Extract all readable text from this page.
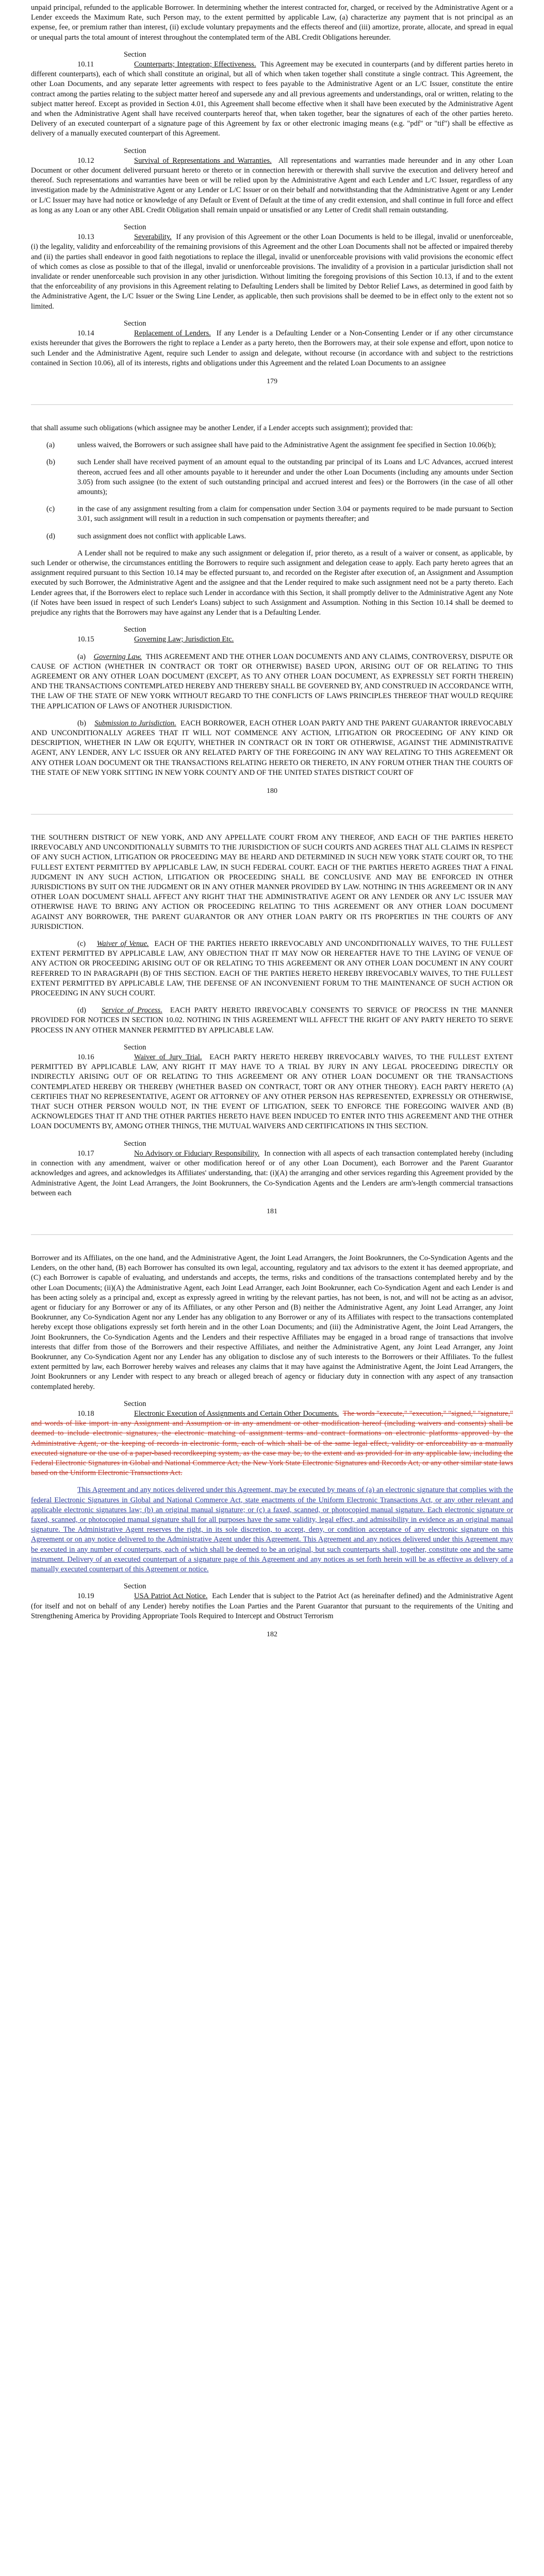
unpaid principal, refunded to the applicable Borrower. In determining whether the interest contracted for, charged, or received by the Administrative Agent or a Lender exceeds the Maximum Rate, such Person may, to the extent permitted by applicable Law, (a) characterize any payment that is not principal as an expense, fee, or premium rather than interest, (ii) exclude voluntary prepayments and the effects thereof and (iii) amortize, prorate, allocate, and spread in equal or unequal parts the total amount of interest throughout the contemplated term of the ABL Credit Obligations hereunder.

Section 10.11	Counterparts; Integration; Effectiveness. This Agreement may be executed in counterparts (and by different parties hereto in different counterparts), each of which shall constitute an original, but all of which when taken together shall constitute a single contract. This Agreement, the other Loan Documents, and any separate letter agreements with respect to fees payable to the Administrative Agent or an L/C Issuer, constitute the entire contract among the parties relating to the subject matter hereof and supersede any and all previous agreements and understandings, oral or written, relating to the subject matter hereof. Except as provided in Section 4.01, this Agreement shall become effective when it shall have been executed by the Administrative Agent and when the Administrative Agent shall have received counterparts hereof that, when taken together, bear the signatures of each of the other parties hereto. Delivery of an executed counterpart of a signature page of this Agreement by fax or other electronic imaging means (e.g. "pdf" or "tif") shall be effective as delivery of a manually executed counterpart of this Agreement.

Section 10.12	Survival of Representations and Warranties. All representations and warranties made hereunder and in any other Loan Document or other document delivered pursuant hereto or thereto or in connection herewith or therewith shall survive the execution and delivery hereof and thereof. Such representations and warranties have been or will be relied upon by the Administrative Agent and each Lender and L/C Issuer, regardless of any investigation made by the Administrative Agent or any Lender or L/C Issuer or on their behalf and notwithstanding that the Administrative Agent or any Lender or L/C Issuer may have had notice or knowledge of any Default or Event of Default at the time of any credit extension, and shall continue in full force and effect as long as any Loan or any other ABL Credit Obligation shall remain unpaid or unsatisfied or any Letter of Credit shall remain outstanding.

Section 10.13	Severability. If any provision of this Agreement or the other Loan Documents is held to be illegal, invalid or unenforceable, (i) the legality, validity and enforceability of the remaining provisions of this Agreement and the other Loan Documents shall not be affected or impaired thereby and (ii) the parties shall endeavor in good faith negotiations to replace the illegal, invalid or unenforceable provisions with valid provisions the economic effect of which comes as close as possible to that of the illegal, invalid or unenforceable provisions. The invalidity of a provision in a particular jurisdiction shall not invalidate or render unenforceable such provision in any other jurisdiction. Without limiting the foregoing provisions of this Section 10.13, if and to the extent that the enforceability of any provisions in this Agreement relating to Defaulting Lenders shall be limited by Debtor Relief Laws, as determined in good faith by the Administrative Agent, the L/C Issuer or the Swing Line Lender, as applicable, then such provisions shall be deemed to be in effect only to the extent not so limited.

Section 10.14	Replacement of Lenders. If any Lender is a Defaulting Lender or a Non-Consenting Lender or if any other circumstance exists hereunder that gives the Borrowers the right to replace a Lender as a party hereto, then the Borrowers may, at their sole expense and effort, upon notice to such Lender and the Administrative Agent, require such Lender to assign and delegate, without recourse (in accordance with and subject to the restrictions contained in Section 10.06), all of its interests, rights and obligations under this Agreement and the related Loan Documents to an assignee

179

that shall assume such obligations (which assignee may be another Lender, if a Lender accepts such assignment); provided that:

(a)	unless waived, the Borrowers or such assignee shall have paid to the Administrative Agent the assignment fee specified in Section 10.06(b);
(b)	such Lender shall have received payment of an amount equal to the outstanding par principal of its Loans and L/C Advances, accrued interest thereon, accrued fees and all other amounts payable to it hereunder and under the other Loan Documents (including any amounts under Section 3.05) from such assignee (to the extent of such outstanding principal and accrued interest and fees) or the Borrowers (in the case of all other amounts);
(c)	in the case of any assignment resulting from a claim for compensation under Section 3.04 or payments required to be made pursuant to Section 3.01, such assignment will result in a reduction in such compensation or payments thereafter; and
(d)	such assignment does not conflict with applicable Laws.

A Lender shall not be required to make any such assignment or delegation if, prior thereto, as a result of a waiver or consent, as applicable, by such Lender or otherwise, the circumstances entitling the Borrowers to require such assignment and delegation cease to apply. Each party hereto agrees that an assignment required pursuant to this Section 10.14 may be effected pursuant to, and recorded on the Register after execution of, an Assignment and Assumption executed by such Borrower, the Administrative Agent and the assignee and that the Lender required to make such assignment need not be a party thereto. Each Lender agrees that, if the Borrowers elect to replace such Lender in accordance with this Section, it shall promptly deliver to the Administrative Agent any Note (if Notes have been issued in respect of such Lender's Loans) subject to such Assignment and Assumption. Nothing in this Section 10.14 shall be deemed to prejudice any rights that the Borrowers may have against any Lender that is a Defaulting Lender.

Section 10.15	Governing Law; Jurisdiction Etc.

(a) Governing Law. THIS AGREEMENT AND THE OTHER LOAN DOCUMENTS AND ANY CLAIMS, CONTROVERSY, DISPUTE OR CAUSE OF ACTION (WHETHER IN CONTRACT OR TORT OR OTHERWISE) BASED UPON, ARISING OUT OF OR RELATING TO THIS AGREEMENT OR ANY OTHER LOAN DOCUMENT (EXCEPT, AS TO ANY OTHER LOAN DOCUMENT, AS EXPRESSLY SET FORTH THEREIN) AND THE TRANSACTIONS CONTEMPLATED HEREBY AND THEREBY SHALL BE GOVERNED BY, AND CONSTRUED IN ACCORDANCE WITH, THE LAW OF THE STATE OF NEW YORK WITHOUT REGARD TO THE CONFLICTS OF LAWS PRINCIPLES THEREOF THAT WOULD REQUIRE THE APPLICATION OF LAWS OF ANOTHER JURISDICTION.

(b) Submission to Jurisdiction. EACH BORROWER, EACH OTHER LOAN PARTY AND THE PARENT GUARANTOR IRREVOCABLY AND UNCONDITIONALLY AGREES THAT IT WILL NOT COMMENCE ANY ACTION, LITIGATION OR PROCEEDING OF ANY KIND OR DESCRIPTION, WHETHER IN LAW OR EQUITY, WHETHER IN CONTRACT OR IN TORT OR OTHERWISE, AGAINST THE ADMINISTRATIVE AGENT, ANY LENDER, ANY L/C ISSUER OR ANY RELATED PARTY OF THE FOREGOING IN ANY WAY RELATING TO THIS AGREEMENT OR ANY OTHER LOAN DOCUMENT OR THE TRANSACTIONS RELATING HERETO OR THERETO, IN ANY FORUM OTHER THAN THE COURTS OF THE STATE OF NEW YORK SITTING IN NEW YORK COUNTY AND OF THE UNITED STATES DISTRICT COURT OF

180

THE SOUTHERN DISTRICT OF NEW YORK, AND ANY APPELLATE COURT FROM ANY THEREOF, AND EACH OF THE PARTIES HERETO IRREVOCABLY AND UNCONDITIONALLY SUBMITS TO THE JURISDICTION OF SUCH COURTS AND AGREES THAT ALL CLAIMS IN RESPECT OF ANY SUCH ACTION, LITIGATION OR PROCEEDING MAY BE HEARD AND DETERMINED IN SUCH NEW YORK STATE COURT OR, TO THE FULLEST EXTENT PERMITTED BY APPLICABLE LAW, IN SUCH FEDERAL COURT. EACH OF THE PARTIES HERETO AGREES THAT A FINAL JUDGMENT IN ANY SUCH ACTION, LITIGATION OR PROCEEDING SHALL BE CONCLUSIVE AND MAY BE ENFORCED IN OTHER JURISDICTIONS BY SUIT ON THE JUDGMENT OR IN ANY OTHER MANNER PROVIDED BY LAW. NOTHING IN THIS AGREEMENT OR IN ANY OTHER LOAN DOCUMENT SHALL AFFECT ANY RIGHT THAT THE ADMINISTRATIVE AGENT OR ANY LENDER OR ANY L/C ISSUER MAY OTHERWISE HAVE TO BRING ANY ACTION OR PROCEEDING RELATING TO THIS AGREEMENT OR ANY OTHER LOAN DOCUMENT AGAINST ANY BORROWER, THE PARENT GUARANTOR OR ANY OTHER LOAN PARTY OR ITS PROPERTIES IN THE COURTS OF ANY JURISDICTION.

(c) Waiver of Venue. EACH OF THE PARTIES HERETO IRREVOCABLY AND UNCONDITIONALLY WAIVES, TO THE FULLEST EXTENT PERMITTED BY APPLICABLE LAW, ANY OBJECTION THAT IT MAY NOW OR HEREAFTER HAVE TO THE LAYING OF VENUE OF ANY ACTION OR PROCEEDING ARISING OUT OF OR RELATING TO THIS AGREEMENT OR ANY OTHER LOAN DOCUMENT IN ANY COURT REFERRED TO IN PARAGRAPH (B) OF THIS SECTION. EACH OF THE PARTIES HERETO HEREBY IRREVOCABLY WAIVES, TO THE FULLEST EXTENT PERMITTED BY APPLICABLE LAW, THE DEFENSE OF AN INCONVENIENT FORUM TO THE MAINTENANCE OF SUCH ACTION OR PROCEEDING IN ANY SUCH COURT.

(d) Service of Process. EACH PARTY HERETO IRREVOCABLY CONSENTS TO SERVICE OF PROCESS IN THE MANNER PROVIDED FOR NOTICES IN SECTION 10.02. NOTHING IN THIS AGREEMENT WILL AFFECT THE RIGHT OF ANY PARTY HERETO TO SERVE PROCESS IN ANY OTHER MANNER PERMITTED BY APPLICABLE LAW.

Section 10.16	Waiver of Jury Trial. EACH PARTY HERETO HEREBY IRREVOCABLY WAIVES, TO THE FULLEST EXTENT PERMITTED BY APPLICABLE LAW, ANY RIGHT IT MAY HAVE TO A TRIAL BY JURY IN ANY LEGAL PROCEEDING DIRECTLY OR INDIRECTLY ARISING OUT OF OR RELATING TO THIS AGREEMENT OR ANY OTHER LOAN DOCUMENT OR THE TRANSACTIONS CONTEMPLATED HEREBY OR THEREBY (WHETHER BASED ON CONTRACT, TORT OR ANY OTHER THEORY). EACH PARTY HERETO (A) CERTIFIES THAT NO REPRESENTATIVE, AGENT OR ATTORNEY OF ANY OTHER PERSON HAS REPRESENTED, EXPRESSLY OR OTHERWISE, THAT SUCH OTHER PERSON WOULD NOT, IN THE EVENT OF LITIGATION, SEEK TO ENFORCE THE FOREGOING WAIVER AND (B) ACKNOWLEDGES THAT IT AND THE OTHER PARTIES HERETO HAVE BEEN INDUCED TO ENTER INTO THIS AGREEMENT AND THE OTHER LOAN DOCUMENTS BY, AMONG OTHER THINGS, THE MUTUAL WAIVERS AND CERTIFICATIONS IN THIS SECTION.

Section 10.17	No Advisory or Fiduciary Responsibility. In connection with all aspects of each transaction contemplated hereby (including in connection with any amendment, waiver or other modification hereof or of any other Loan Document), each Borrower and the Parent Guarantor acknowledges and agrees, and acknowledges its Affiliates' understanding, that: (i)(A) the arranging and other services regarding this Agreement provided by the Administrative Agent, the Joint Lead Arrangers, the Joint Bookrunners, the Co-Syndication Agents and the Lenders are arm's-length commercial transactions between each

181

Borrower and its Affiliates, on the one hand, and the Administrative Agent, the Joint Lead Arrangers, the Joint Bookrunners, the Co-Syndication Agents and the Lenders, on the other hand, (B) each Borrower has consulted its own legal, accounting, regulatory and tax advisors to the extent it has deemed appropriate, and (C) each Borrower is capable of evaluating, and understands and accepts, the terms, risks and conditions of the transactions contemplated hereby and by the other Loan Documents; (ii)(A) the Administrative Agent, each Joint Lead Arranger, each Joint Bookrunner, each Co-Syndication Agent and each Lender is and has been acting solely as a principal and, except as expressly agreed in writing by the relevant parties, has not been, is not, and will not be acting as an advisor, agent or fiduciary for any Borrower or any of its Affiliates, or any other Person and (B) neither the Administrative Agent, any Joint Lead Arranger, any Joint Bookrunner, any Co-Syndication Agent nor any Lender has any obligation to any Borrower or any of its Affiliates with respect to the transactions contemplated hereby except those obligations expressly set forth herein and in the other Loan Documents; and (iii) the Administrative Agent, the Joint Lead Arrangers, the Joint Bookrunners, the Co-Syndication Agents and the Lenders and their respective Affiliates may be engaged in a broad range of transactions that involve interests that differ from those of the Borrowers and their respective Affiliates, and neither the Administrative Agent, any Joint Lead Arranger, any Joint Bookrunner, any Co-Syndication Agent nor any Lender has any obligation to disclose any of such interests to the Borrowers or their Affiliates. To the fullest extent permitted by law, each Borrower hereby waives and releases any claims that it may have against the Administrative Agent, the Joint Lead Arrangers, the Joint Bookrunners or any Lender with respect to any breach or alleged breach of agency or fiduciary duty in connection with any aspect of any transaction contemplated hereby.

Section 10.18	Electronic Execution of Assignments and Certain Other Documents. The words "execute," "execution," "signed," "signature," and words of like import in any Assignment and Assumption or in any amendment or other modification hereof (including waivers and consents) shall be deemed to include electronic signatures, the electronic matching of assignment terms and contract formations on electronic platforms approved by the Administrative Agent, or the keeping of records in electronic form, each of which shall be of the same legal effect, validity or enforceability as a manually executed signature or the use of a paper-based recordkeeping system, as the case may be, to the extent and as provided for in any applicable law, including the Federal Electronic Signatures in Global and National Commerce Act, the New York State Electronic Signatures and Records Act, or any other similar state laws based on the Uniform Electronic Transactions Act.

This Agreement and any notices delivered under this Agreement, may be executed by means of (a) an electronic signature that complies with the federal Electronic Signatures in Global and National Commerce Act, state enactments of the Uniform Electronic Transactions Act, or any other relevant and applicable electronic signatures law; (b) an original manual signature; or (c) a faxed, scanned, or photocopied manual signature. Each electronic signature or faxed, scanned, or photocopied manual signature shall for all purposes have the same validity, legal effect, and admissibility in evidence as an original manual signature. The Administrative Agent reserves the right, in its sole discretion, to accept, deny, or condition acceptance of any electronic signature on this Agreement or on any notice delivered to the Administrative Agent under this Agreement. This Agreement and any notices delivered under this Agreement may be executed in any number of counterparts, each of which shall be deemed to be an original, but such counterparts shall, together, constitute one and the same instrument. Delivery of an executed counterpart of a signature page of this Agreement and any notices as set forth herein will be as effective as delivery of a manually executed counterpart of this Agreement or notice.

Section 10.19	USA Patriot Act Notice. Each Lender that is subject to the Patriot Act (as hereinafter defined) and the Administrative Agent (for itself and not on behalf of any Lender) hereby notifies the Loan Parties and the Parent Guarantor that pursuant to the requirements of the Uniting and Strengthening America by Providing Appropriate Tools Required to Intercept and Obstruct Terrorism

182
